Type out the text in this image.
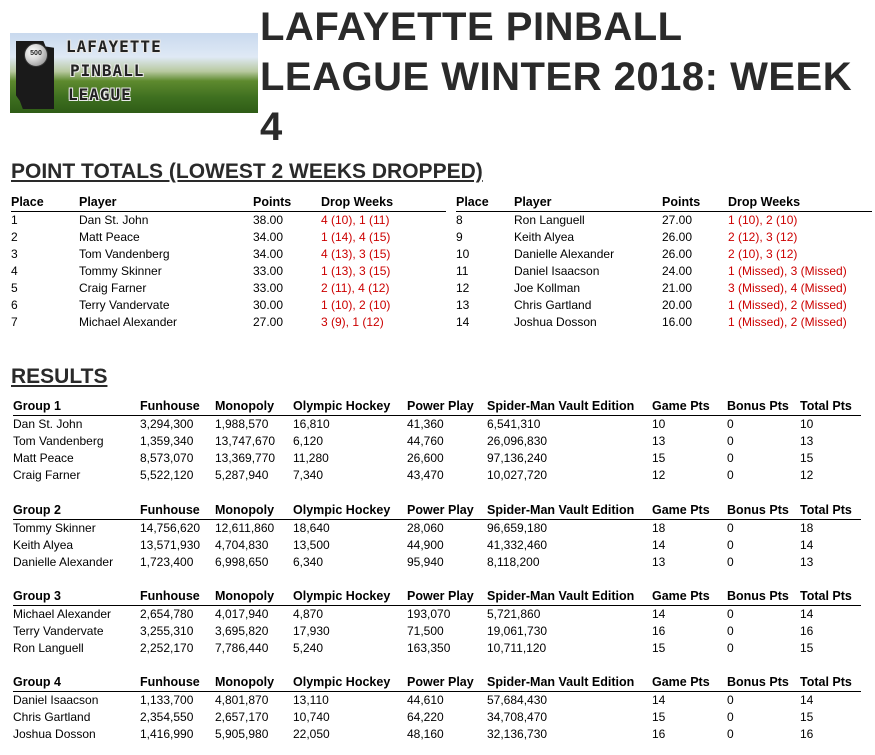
500	LAFAYETTE
PINBALL
LEAGUE
LAFAYETTE PINBALL LEAGUE WINTER 2018: WEEK 4
POINT TOTALS (LOWEST 2 WEEKS DROPPED)
Place	Player	Points	Drop Weeks
1	Dan St. John	38.00	4 (10), 1 (11)
2	Matt Peace	34.00	1 (14), 4 (15)
3	Tom Vandenberg	34.00	4 (13), 3 (15)
4	Tommy Skinner	33.00	1 (13), 3 (15)
5	Craig Farner	33.00	2 (11), 4 (12)
6	Terry Vandervate	30.00	1 (10), 2 (10)
7	Michael Alexander	27.00	3 (9), 1 (12)
Place	Player	Points	Drop Weeks
8	Ron Languell	27.00	1 (10), 2 (10)
9	Keith Alyea	26.00	2 (12), 3 (12)
10	Danielle Alexander	26.00	2 (10), 3 (12)
11	Daniel Isaacson	24.00	1 (Missed), 3 (Missed)
12	Joe Kollman	21.00	3 (Missed), 4 (Missed)
13	Chris Gartland	20.00	1 (Missed), 2 (Missed)
14	Joshua Dosson	16.00	1 (Missed), 2 (Missed)
RESULTS
Group 1	Funhouse	Monopoly	Olympic Hockey	Power Play	Spider-Man Vault Edition	Game Pts	Bonus Pts	Total Pts
Dan St. John	3,294,300	1,988,570	16,810	41,360	6,541,310	10	0	10
Tom Vandenberg	1,359,340	13,747,670	6,120	44,760	26,096,830	13	0	13
Matt Peace	8,573,070	13,369,770	11,280	26,600	97,136,240	15	0	15
Craig Farner	5,522,120	5,287,940	7,340	43,470	10,027,720	12	0	12
Group 2	Funhouse	Monopoly	Olympic Hockey	Power Play	Spider-Man Vault Edition	Game Pts	Bonus Pts	Total Pts
Tommy Skinner	14,756,620	12,611,860	18,640	28,060	96,659,180	18	0	18
Keith Alyea	13,571,930	4,704,830	13,500	44,900	41,332,460	14	0	14
Danielle Alexander	1,723,400	6,998,650	6,340	95,940	8,118,200	13	0	13
Group 3	Funhouse	Monopoly	Olympic Hockey	Power Play	Spider-Man Vault Edition	Game Pts	Bonus Pts	Total Pts
Michael Alexander	2,654,780	4,017,940	4,870	193,070	5,721,860	14	0	14
Terry Vandervate	3,255,310	3,695,820	17,930	71,500	19,061,730	16	0	16
Ron Languell	2,252,170	7,786,440	5,240	163,350	10,711,120	15	0	15
Group 4	Funhouse	Monopoly	Olympic Hockey	Power Play	Spider-Man Vault Edition	Game Pts	Bonus Pts	Total Pts
Daniel Isaacson	1,133,700	4,801,870	13,110	44,610	57,684,430	14	0	14
Chris Gartland	2,354,550	2,657,170	10,740	64,220	34,708,470	15	0	15
Joshua Dosson	1,416,990	5,905,980	22,050	48,160	32,136,730	16	0	16
